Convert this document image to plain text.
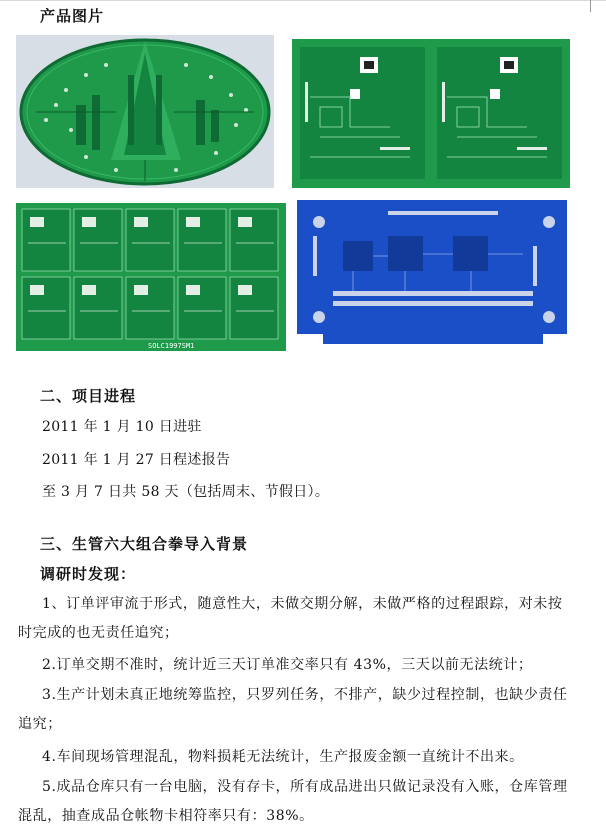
产品图片
SOLC1997SM1
二、项目进程
2011 年 1 月 10 日进驻
2011 年 1 月 27 日程述报告
至 3 月 7 日共 58 天（包括周末、节假日）。
三、生管六大组合拳导入背景
调研时发现：
1、订单评审流于形式，随意性大，未做交期分解，未做严格的过程跟踪，对未按时完成的也无责任追究；
2.订单交期不准时，统计近三天订单准交率只有 43%，三天以前无法统计；
3.生产计划未真正地统筹监控，只罗列任务，不排产，缺少过程控制，也缺少责任追究；
4.车间现场管理混乱，物料损耗无法统计，生产报废金额一直统计不出来。
5.成品仓库只有一台电脑，没有存卡，所有成品进出只做记录没有入账，仓库管理混乱，抽查成品仓帐物卡相符率只有：38%。
